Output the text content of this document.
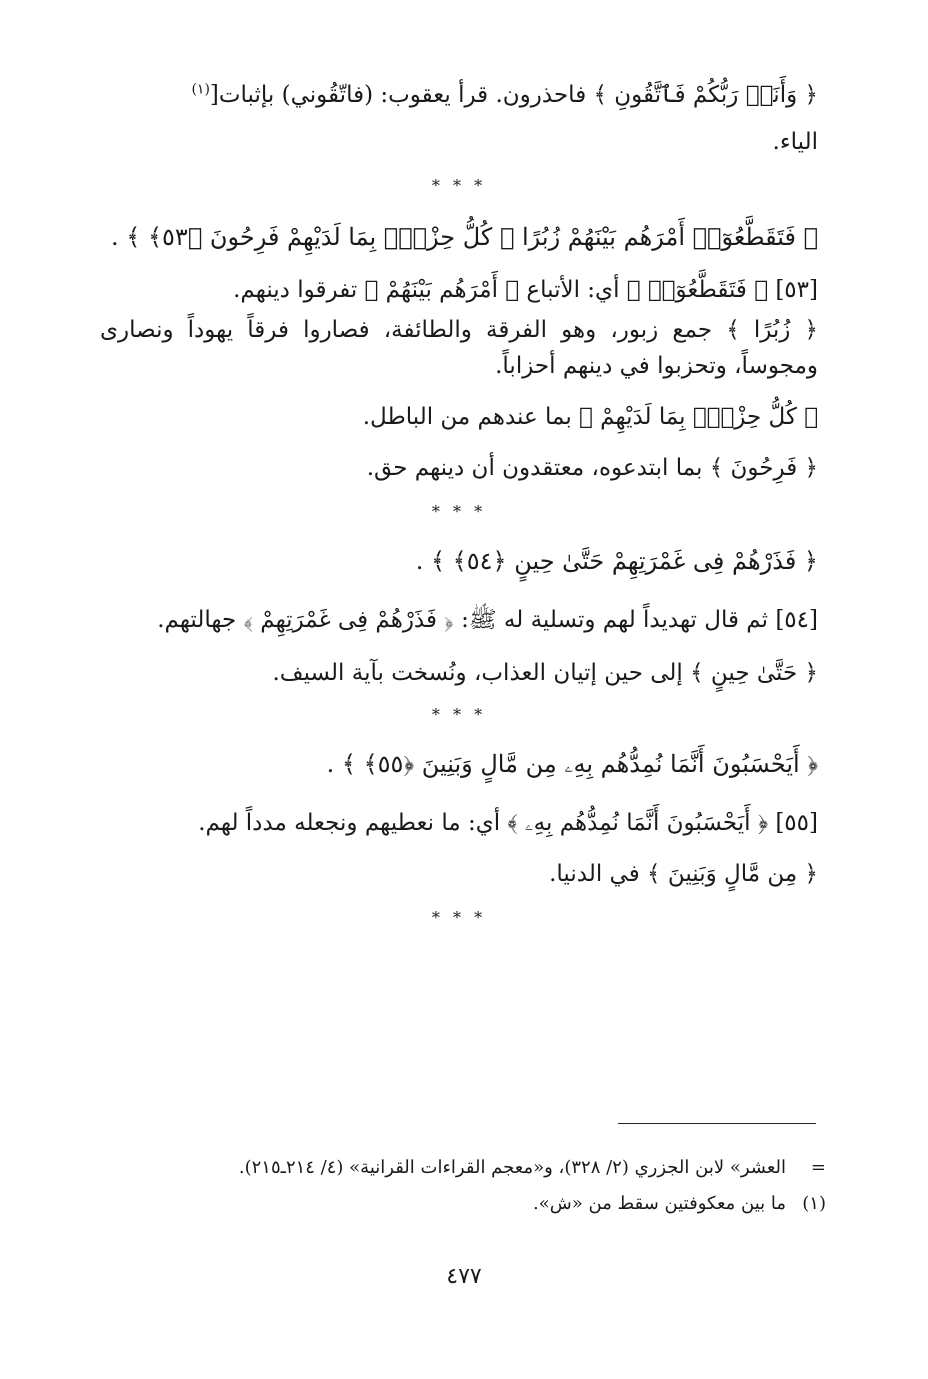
﴿ وَأَنَا۠ رَبُّكُمْ فَٱتَّقُونِ ﴾ فاحذرون. قرأ يعقوب: (فاتّقُوني) بإثبات[$^{(١)}$

الياء.

* * *

﴿ فَتَقَطَّعُوٓا۟ أَمْرَهُم بَيْنَهُمْ زُبُرًا ۖ كُلُّ حِزْبٍۭ بِمَا لَدَيْهِمْ فَرِحُونَ ﴿٥٣﴾ ﴾ .

[٥٣] ﴿ فَتَقَطَّعُوٓا۟ ﴾ أي: الأتباع ﴿ أَمْرَهُم بَيْنَهُمْ ﴾ تفرقوا دينهم.

﴿ زُبُرًا ﴾ جمع زبور، وهو الفرقة والطائفة، فصاروا فرقاً يهوداً ونصارى ومجوساً، وتحزبوا في دينهم أحزاباً.

﴿ كُلُّ حِزْبٍۭ بِمَا لَدَيْهِمْ ﴾ بما عندهم من الباطل.

﴿ فَرِحُونَ ﴾ بما ابتدعوه، معتقدون أن دينهم حق.

* * *

﴿ فَذَرْهُمْ فِى غَمْرَتِهِمْ حَتَّىٰ حِينٍ ﴿٥٤﴾ ﴾ .

[٥٤] ثم قال تهديداً لهم وتسلية له ﷺ: ﴿ فَذَرْهُمْ فِى غَمْرَتِهِمْ ﴾ جهالتهم.

﴿ حَتَّىٰ حِينٍ ﴾ إلى حين إتيان العذاب، ونُسخت بآية السيف.

* * *

﴿ أَيَحْسَبُونَ أَنَّمَا نُمِدُّهُم بِهِۦ مِن مَّالٍ وَبَنِينَ ﴿٥٥﴾ ﴾ .

[٥٥] ﴿ أَيَحْسَبُونَ أَنَّمَا نُمِدُّهُم بِهِۦ ﴾ أي: ما نعطيهم ونجعله مدداً لهم.

﴿ مِن مَّالٍ وَبَنِينَ ﴾ في الدنيا.

* * *

=العشر» لابن الجزري (٢/ ٣٢٨)، و«معجم القراءات القرانية» (٤/ ٢١٤ـ٢١٥).

(١)ما بين معكوفتين سقط من «ش».

٤٧٧
